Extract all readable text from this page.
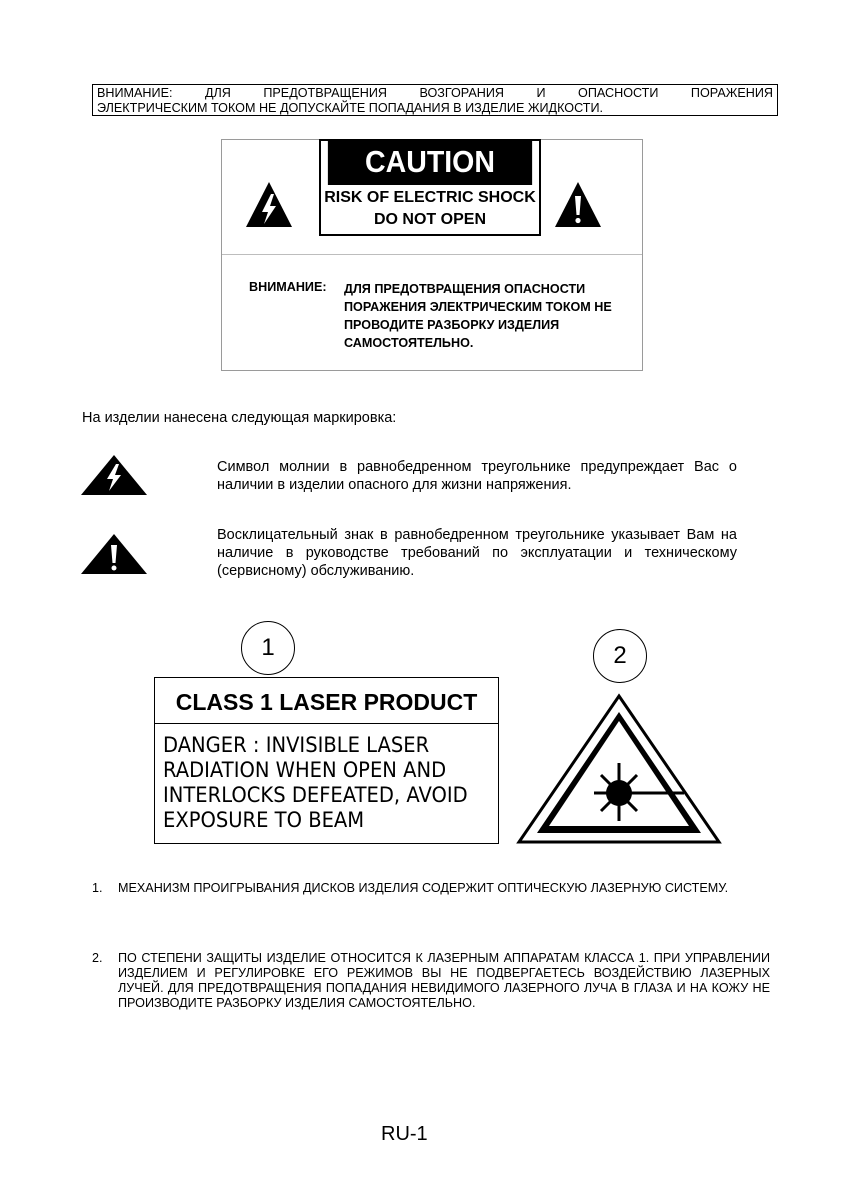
ВНИМАНИЕ: ДЛЯ ПРЕДОТВРАЩЕНИЯ ВОЗГОРАНИЯ И ОПАСНОСТИ ПОРАЖЕНИЯ
ЭЛЕКТРИЧЕСКИМ ТОКОМ НЕ ДОПУСКАЙТЕ ПОПАДАНИЯ В ИЗДЕЛИЕ ЖИДКОСТИ.
CAUTION
RISK OF ELECTRIC SHOCK
DO NOT OPEN
ВНИМАНИЕ: ДЛЯ ПРЕДОТВРАЩЕНИЯ ОПАСНОСТИ ПОРАЖЕНИЯ ЭЛЕКТРИЧЕСКИМ ТОКОМ НЕ ПРОВОДИТЕ РАЗБОРКУ ИЗДЕЛИЯ САМОСТОЯТЕЛЬНО.
На изделии нанесена следующая маркировка:
Символ молнии в равнобедренном треугольнике предупреждает Вас о наличии в изделии опасного для жизни напряжения.
Восклицательный знак в равнобедренном треугольнике указывает Вам на наличие в руководстве требований по эксплуатации и техническому (сервисному) обслуживанию.
1	2
CLASS 1 LASER PRODUCT
DANGER : INVISIBLE LASER
RADIATION WHEN OPEN AND
INTERLOCKS DEFEATED, AVOID
EXPOSURE TO BEAM
1. МЕХАНИЗМ ПРОИГРЫВАНИЯ ДИСКОВ ИЗДЕЛИЯ СОДЕРЖИТ ОПТИЧЕСКУЮ ЛАЗЕРНУЮ СИСТЕМУ.
2. ПО СТЕПЕНИ ЗАЩИТЫ ИЗДЕЛИЕ ОТНОСИТСЯ К ЛАЗЕРНЫМ АППАРАТАМ КЛАССА 1. ПРИ УПРАВЛЕНИИ ИЗДЕЛИЕМ И РЕГУЛИРОВКЕ ЕГО РЕЖИМОВ ВЫ НЕ ПОДВЕРГАЕТЕСЬ ВОЗДЕЙСТВИЮ ЛАЗЕРНЫХ ЛУЧЕЙ. ДЛЯ ПРЕДОТВРАЩЕНИЯ ПОПАДАНИЯ НЕВИДИМОГО ЛАЗЕРНОГО ЛУЧА В ГЛАЗА И НА КОЖУ НЕ ПРОИЗВОДИТЕ РАЗБОРКУ ИЗДЕЛИЯ САМОСТОЯТЕЛЬНО.
RU-1
